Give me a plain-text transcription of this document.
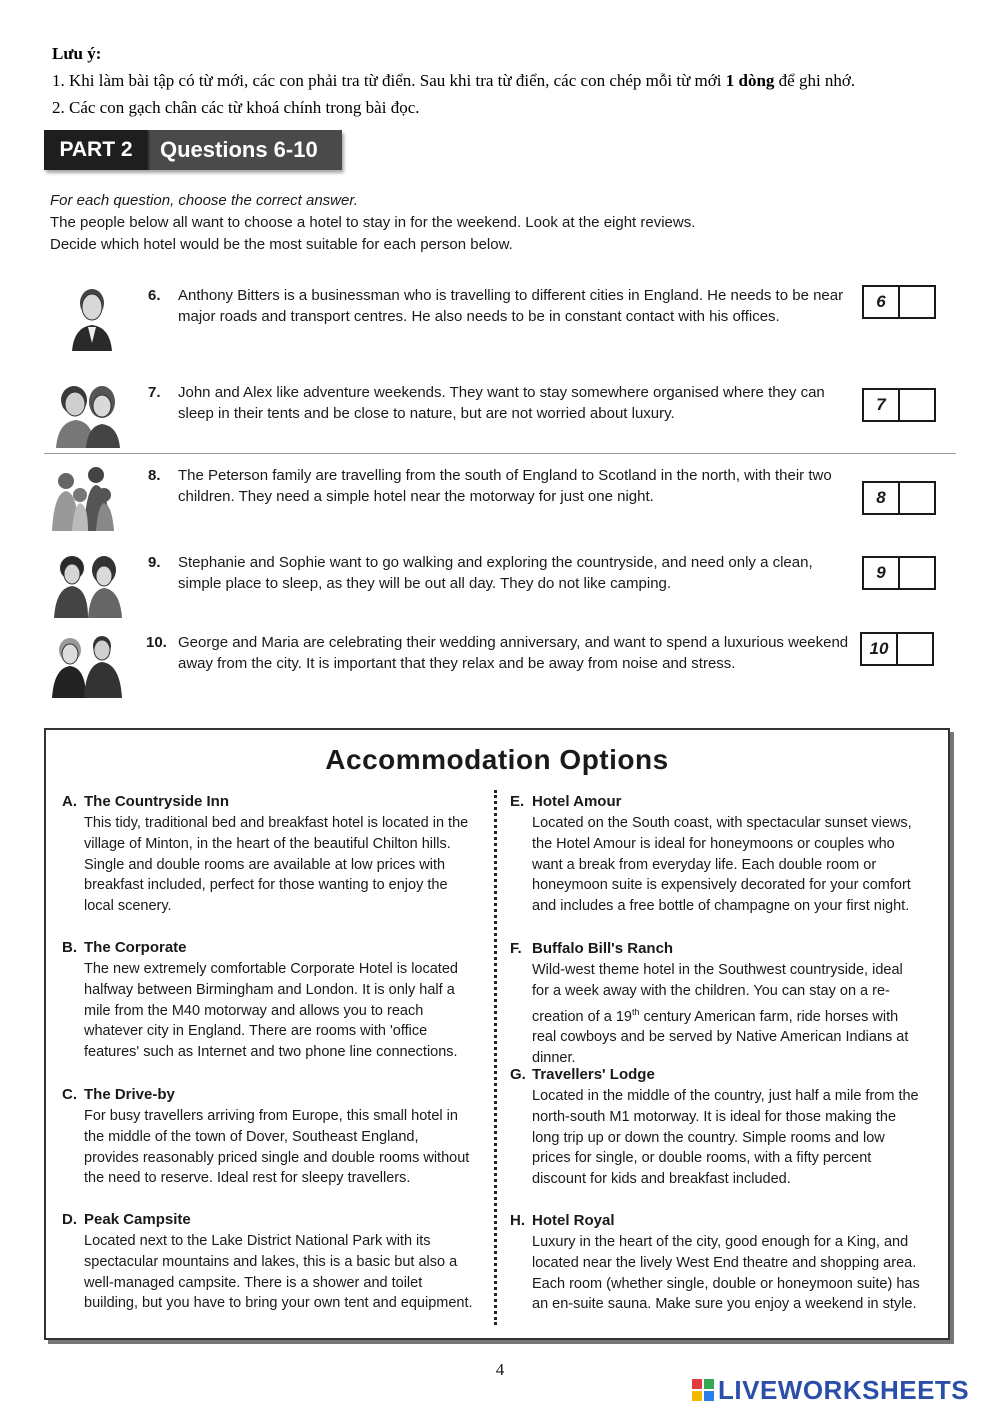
Lưu ý:
1. Khi làm bài tập có từ mới, các con phải tra từ điển. Sau khi tra từ điển, các con chép mỗi từ mới 1 dòng để ghi nhớ.
2. Các con gạch chân các từ khoá chính trong bài đọc.
PART 2	Questions 6-10
For each question, choose the correct answer.
The people below all want to choose a hotel to stay in for the weekend. Look at the eight reviews.
Decide which hotel would be the most suitable for each person below.
6. Anthony Bitters is a businessman who is travelling to different cities in England. He needs to be near major roads and transport centres. He also needs to be in constant contact with his offices.
6
7. John and Alex like adventure weekends. They want to stay somewhere organised where they can sleep in their tents and be close to nature, but are not worried about luxury.	7
8. The Peterson family are travelling from the south of England to Scotland in the north, with their two children. They need a simple hotel near the motorway for just one night.	8
9. Stephanie and Sophie want to go walking and exploring the countryside, and need only a clean, simple place to sleep, as they will be out all day. They do not like camping.
9
10. George and Maria are celebrating their wedding anniversary, and want to spend a luxurious weekend away from the city. It is important that they relax and be away from noise and stress.
10
Accommodation Options
A. The Countryside Inn
This tidy, traditional bed and breakfast hotel is located in the village of Minton, in the heart of the beautiful Chilton hills. Single and double rooms are available at low prices with breakfast included, perfect for those wanting to enjoy the local scenery.
B. The Corporate
The new extremely comfortable Corporate Hotel is located halfway between Birmingham and London. It is only half a mile from the M40 motorway and allows you to reach whatever city in England. There are rooms with 'office features' such as Internet and two phone line connections.
C. The Drive-by
For busy travellers arriving from Europe, this small hotel in the middle of the town of Dover, Southeast England, provides reasonably priced single and double rooms without the need to reserve. Ideal rest for sleepy travellers.
D. Peak Campsite
Located next to the Lake District National Park with its spectacular mountains and lakes, this is a basic but also a well-managed campsite. There is a shower and toilet building, but you have to bring your own tent and equipment.
E. Hotel Amour
Located on the South coast, with spectacular sunset views, the Hotel Amour is ideal for honeymoons or couples who want a break from everyday life. Each double room or honeymoon suite is expensively decorated for your comfort and includes a free bottle of champagne on your first night.
F. Buffalo Bill's Ranch
Wild-west theme hotel in the Southwest countryside, ideal for a week away with the children. You can stay on a re-creation of a 19th century American farm, ride horses with real cowboys and be served by Native American Indians at dinner.
G. Travellers' Lodge
Located in the middle of the country, just half a mile from the north-south M1 motorway. It is ideal for those making the long trip up or down the country. Simple rooms and low prices for single, or double rooms, with a fifty percent discount for kids and breakfast included.
H. Hotel Royal
Luxury in the heart of the city, good enough for a King, and located near the lively West End theatre and shopping area. Each room (whether single, double or honeymoon suite) has an en-suite sauna. Make sure you enjoy a weekend in style.
4
LIVEWORKSHEETS
